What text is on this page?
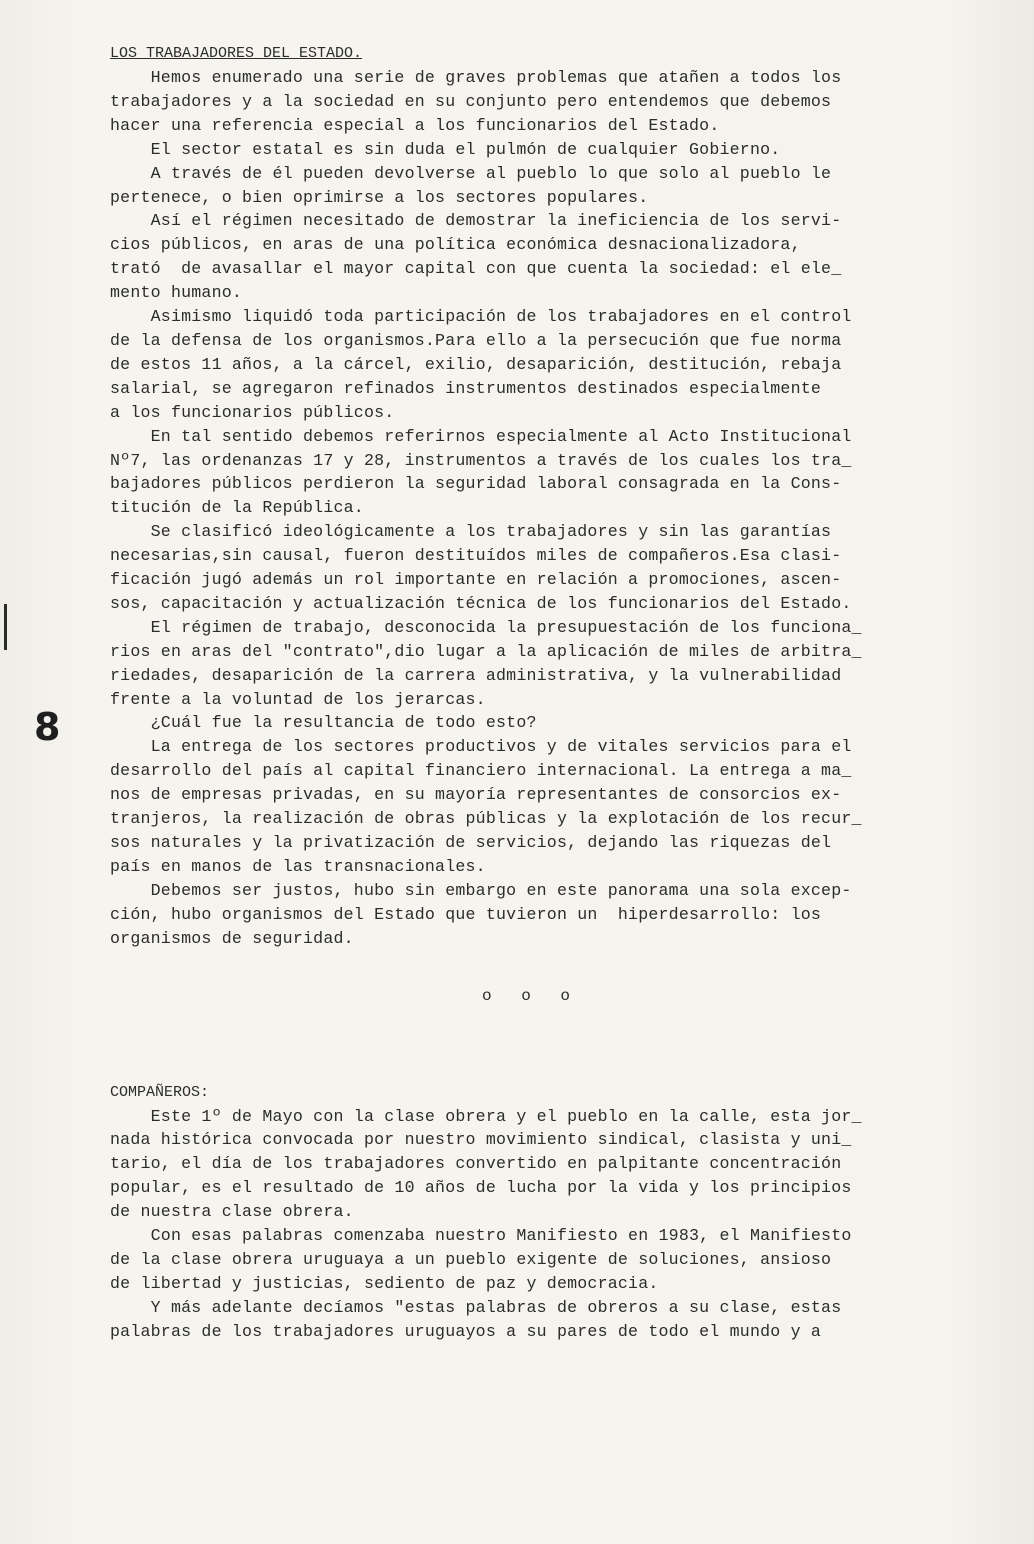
8
LOS TRABAJADORES DEL ESTADO.
Hemos enumerado una serie de graves problemas que atañen a todos los
trabajadores y a la sociedad en su conjunto pero entendemos que debemos
hacer una referencia especial a los funcionarios del Estado.
El sector estatal es sin duda el pulmón de cualquier Gobierno.
A través de él pueden devolverse al pueblo lo que solo al pueblo le
pertenece, o bien oprimirse a los sectores populares.
Así el régimen necesitado de demostrar la ineficiencia de los servi-
cios públicos, en aras de una política económica desnacionalizadora,
trató  de avasallar el mayor capital con que cuenta la sociedad: el ele_
mento humano.
Asimismo liquidó toda participación de los trabajadores en el control
de la defensa de los organismos.Para ello a la persecución que fue norma
de estos 11 años, a la cárcel, exilio, desaparición, destitución, rebaja
salarial, se agregaron refinados instrumentos destinados especialmente
a los funcionarios públicos.
En tal sentido debemos referirnos especialmente al Acto Institucional
Nº7, las ordenanzas 17 y 28, instrumentos a través de los cuales los tra_
bajadores públicos perdieron la seguridad laboral consagrada en la Cons-
titución de la República.
Se clasificó ideológicamente a los trabajadores y sin las garantías
necesarias,sin causal, fueron destituídos miles de compañeros.Esa clasi-
ficación jugó además un rol importante en relación a promociones, ascen-
sos, capacitación y actualización técnica de los funcionarios del Estado.
El régimen de trabajo, desconocida la presupuestación de los funciona_
rios en aras del "contrato",dio lugar a la aplicación de miles de arbitra_
riedades, desaparición de la carrera administrativa, y la vulnerabilidad
frente a la voluntad de los jerarcas.
¿Cuál fue la resultancia de todo esto?
La entrega de los sectores productivos y de vitales servicios para el
desarrollo del país al capital financiero internacional. La entrega a ma_
nos de empresas privadas, en su mayoría representantes de consorcios ex-
tranjeros, la realización de obras públicas y la explotación de los recur_
sos naturales y la privatización de servicios, dejando las riquezas del
país en manos de las transnacionales.
Debemos ser justos, hubo sin embargo en este panorama una sola excep-
ción, hubo organismos del Estado que tuvieron un  hiperdesarrollo: los
organismos de seguridad.
o o o
COMPAÑEROS:
Este 1º de Mayo con la clase obrera y el pueblo en la calle, esta jor_
nada histórica convocada por nuestro movimiento sindical, clasista y uni_
tario, el día de los trabajadores convertido en palpitante concentración
popular, es el resultado de 10 años de lucha por la vida y los principios
de nuestra clase obrera.
Con esas palabras comenzaba nuestro Manifiesto en 1983, el Manifiesto
de la clase obrera uruguaya a un pueblo exigente de soluciones, ansioso
de libertad y justicias, sediento de paz y democracia.
Y más adelante decíamos "estas palabras de obreros a su clase, estas
palabras de los trabajadores uruguayos a su pares de todo el mundo y a
